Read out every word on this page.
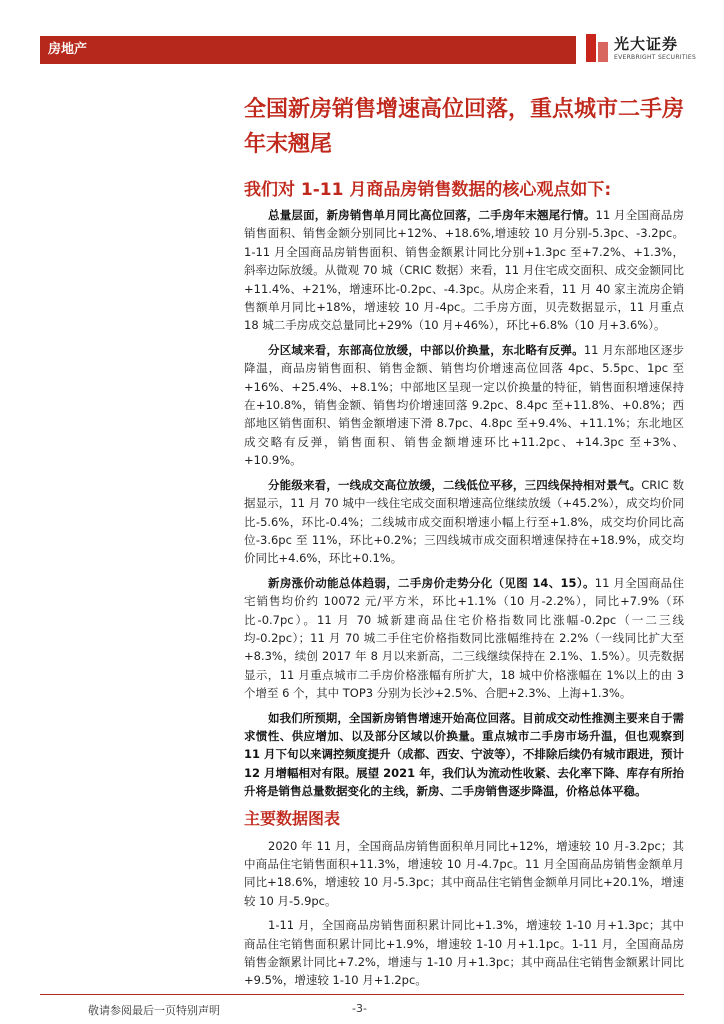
房地产	光大证券
EVERBRIGHT SECURITIES
全国新房销售增速高位回落，重点城市二手房年末翘尾
我们对 1-11 月商品房销售数据的核心观点如下:

总量层面，新房销售单月同比高位回落，二手房年末翘尾行情。11 月全国商品房销售面积、销售金额分别同比+12%、+18.6%,增速较 10 月分别-5.3pc、-3.2pc。1-11 月全国商品房销售面积、销售金额累计同比分别+1.3pc 至+7.2%、+1.3%，斜率边际放缓。从微观 70 城（CRIC 数据）来看，11 月住宅成交面积、成交金额同比+11.4%、+21%，增速环比-0.2pc、-4.3pc。从房企来看，11 月 40 家主流房企销售额单月同比+18%，增速较 10 月-4pc。二手房方面，贝壳数据显示，11 月重点 18 城二手房成交总量同比+29%（10 月+46%），环比+6.8%（10 月+3.6%）。

分区域来看，东部高位放缓，中部以价换量，东北略有反弹。11 月东部地区逐步降温，商品房销售面积、销售金额、销售均价增速高位回落 4pc、5.5pc、1pc 至+16%、+25.4%、+8.1%；中部地区呈现一定以价换量的特征，销售面积增速保持在+10.8%，销售金额、销售均价增速回落 9.2pc、8.4pc 至+11.8%、+0.8%；西部地区销售面积、销售金额增速下滑 8.7pc、4.8pc 至+9.4%、+11.1%；东北地区成交略有反弹，销售面积、销售金额增速环比+11.2pc、+14.3pc 至+3%、+10.9%。

分能级来看，一线成交高位放缓，二线低位平移，三四线保持相对景气。CRIC 数据显示，11 月 70 城中一线住宅成交面积增速高位继续放缓（+45.2%），成交均价同比-5.6%，环比-0.4%；二线城市成交面积增速小幅上行至+1.8%，成交均价同比高位-3.6pc 至 11%，环比+0.2%；三四线城市成交面积增速保持在+18.9%，成交均价同比+4.6%，环比+0.1%。

新房涨价动能总体趋弱，二手房价走势分化（见图 14、15）。11 月全国商品住宅销售均价约 10072 元/平方米，环比+1.1%（10 月-2.2%），同比+7.9%（环比-0.7pc）。11 月 70 城新建商品住宅价格指数同比涨幅-0.2pc（一二三线均-0.2pc）；11 月 70 城二手住宅价格指数同比涨幅维持在 2.2%（一线同比扩大至+8.3%，续创 2017 年 8 月以来新高，二三线继续保持在 2.1%、1.5%）。贝壳数据显示，11 月重点城市二手房价格涨幅有所扩大，18 城中价格涨幅在 1%以上的由 3 个增至 6 个，其中 TOP3 分别为长沙+2.5%、合肥+2.3%、上海+1.3%。

如我们所预期，全国新房销售增速开始高位回落。目前成交动性推测主要来自于需求惯性、供应增加、以及部分区域以价换量。重点城市二手房市场升温，但也观察到 11 月下旬以来调控频度提升（成都、西安、宁波等），不排除后续仍有城市跟进，预计 12 月增幅相对有限。展望 2021 年，我们认为流动性收紧、去化率下降、库存有所抬升将是销售总量数据变化的主线，新房、二手房销售逐步降温，价格总体平稳。

主要数据图表

2020 年 11 月，全国商品房销售面积单月同比+12%，增速较 10 月-3.2pc；其中商品住宅销售面积+11.3%，增速较 10 月-4.7pc。11 月全国商品房销售金额单月同比+18.6%，增速较 10 月-5.3pc；其中商品住宅销售金额单月同比+20.1%，增速较 10 月-5.9pc。

1-11 月，全国商品房销售面积累计同比+1.3%，增速较 1-10 月+1.3pc；其中商品住宅销售面积累计同比+1.9%，增速较 1-10 月+1.1pc。1-11 月，全国商品房销售金额累计同比+7.2%，增速与 1-10 月+1.3pc；其中商品住宅销售金额累计同比+9.5%，增速较 1-10 月+1.2pc。

敬请参阅最后一页特别声明	-3-
